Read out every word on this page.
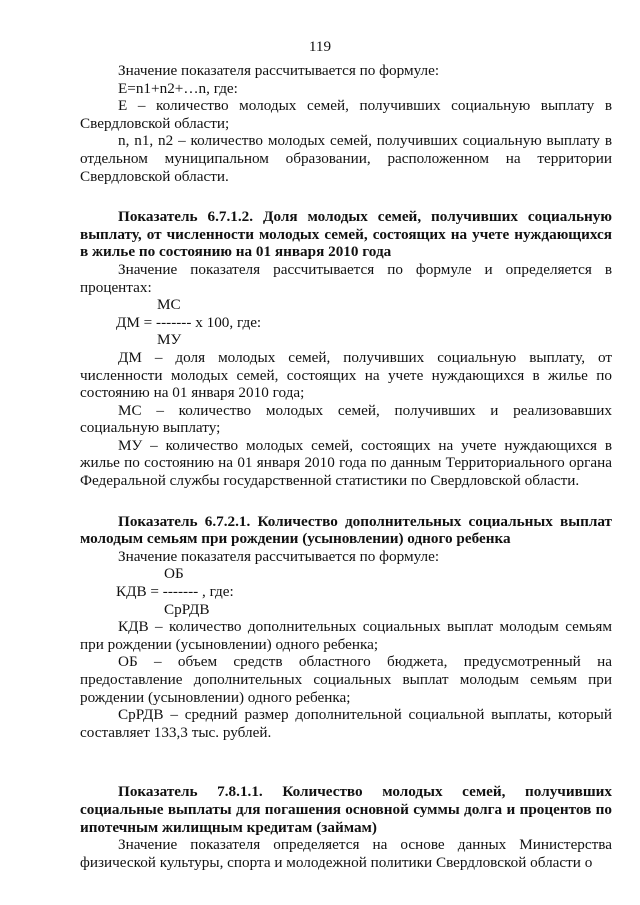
119

Значение показателя рассчитывается по формуле:

E=n1+n2+…n, где:

E – количество молодых семей, получивших социальную выплату в Свердловской области;

n, n1, n2 – количество молодых семей, получивших социальную выплату в отдельном муниципальном образовании, расположенном на территории Свердловской области.

Показатель 6.7.1.2. Доля молодых семей, получивших социальную выплату, от численности молодых семей, состоящих на учете нуждающихся в жилье по состоянию на 01 января 2010 года

Значение показателя рассчитывается по формуле и определяется в процентах:

МС
ДМ = ------- x 100, где:
МУ

ДМ – доля молодых семей, получивших социальную выплату, от численности молодых семей, состоящих на учете нуждающихся в жилье по состоянию на 01 января 2010 года;

МС – количество молодых семей, получивших и реализовавших социальную выплату;

МУ – количество молодых семей, состоящих на учете нуждающихся в жилье по состоянию на 01 января 2010 года по данным Территориального органа Федеральной службы государственной статистики по Свердловской области.

Показатель 6.7.2.1. Количество дополнительных социальных выплат молодым семьям при рождении (усыновлении) одного ребенка

Значение показателя рассчитывается по формуле:

ОБ
КДВ = ------- , где:
СрРДВ

КДВ – количество дополнительных социальных выплат молодым семьям при рождении (усыновлении) одного ребенка;

ОБ – объем средств областного бюджета, предусмотренный на предоставление дополнительных социальных выплат молодым семьям при рождении (усыновлении) одного ребенка;

СрРДВ – средний размер дополнительной социальной выплаты, который составляет 133,3 тыс. рублей.

Показатель 7.8.1.1. Количество молодых семей, получивших социальные выплаты для погашения основной суммы долга и процентов по ипотечным жилищным кредитам (займам)

Значение показателя определяется на основе данных Министерства физической культуры, спорта и молодежной политики Свердловской области о
